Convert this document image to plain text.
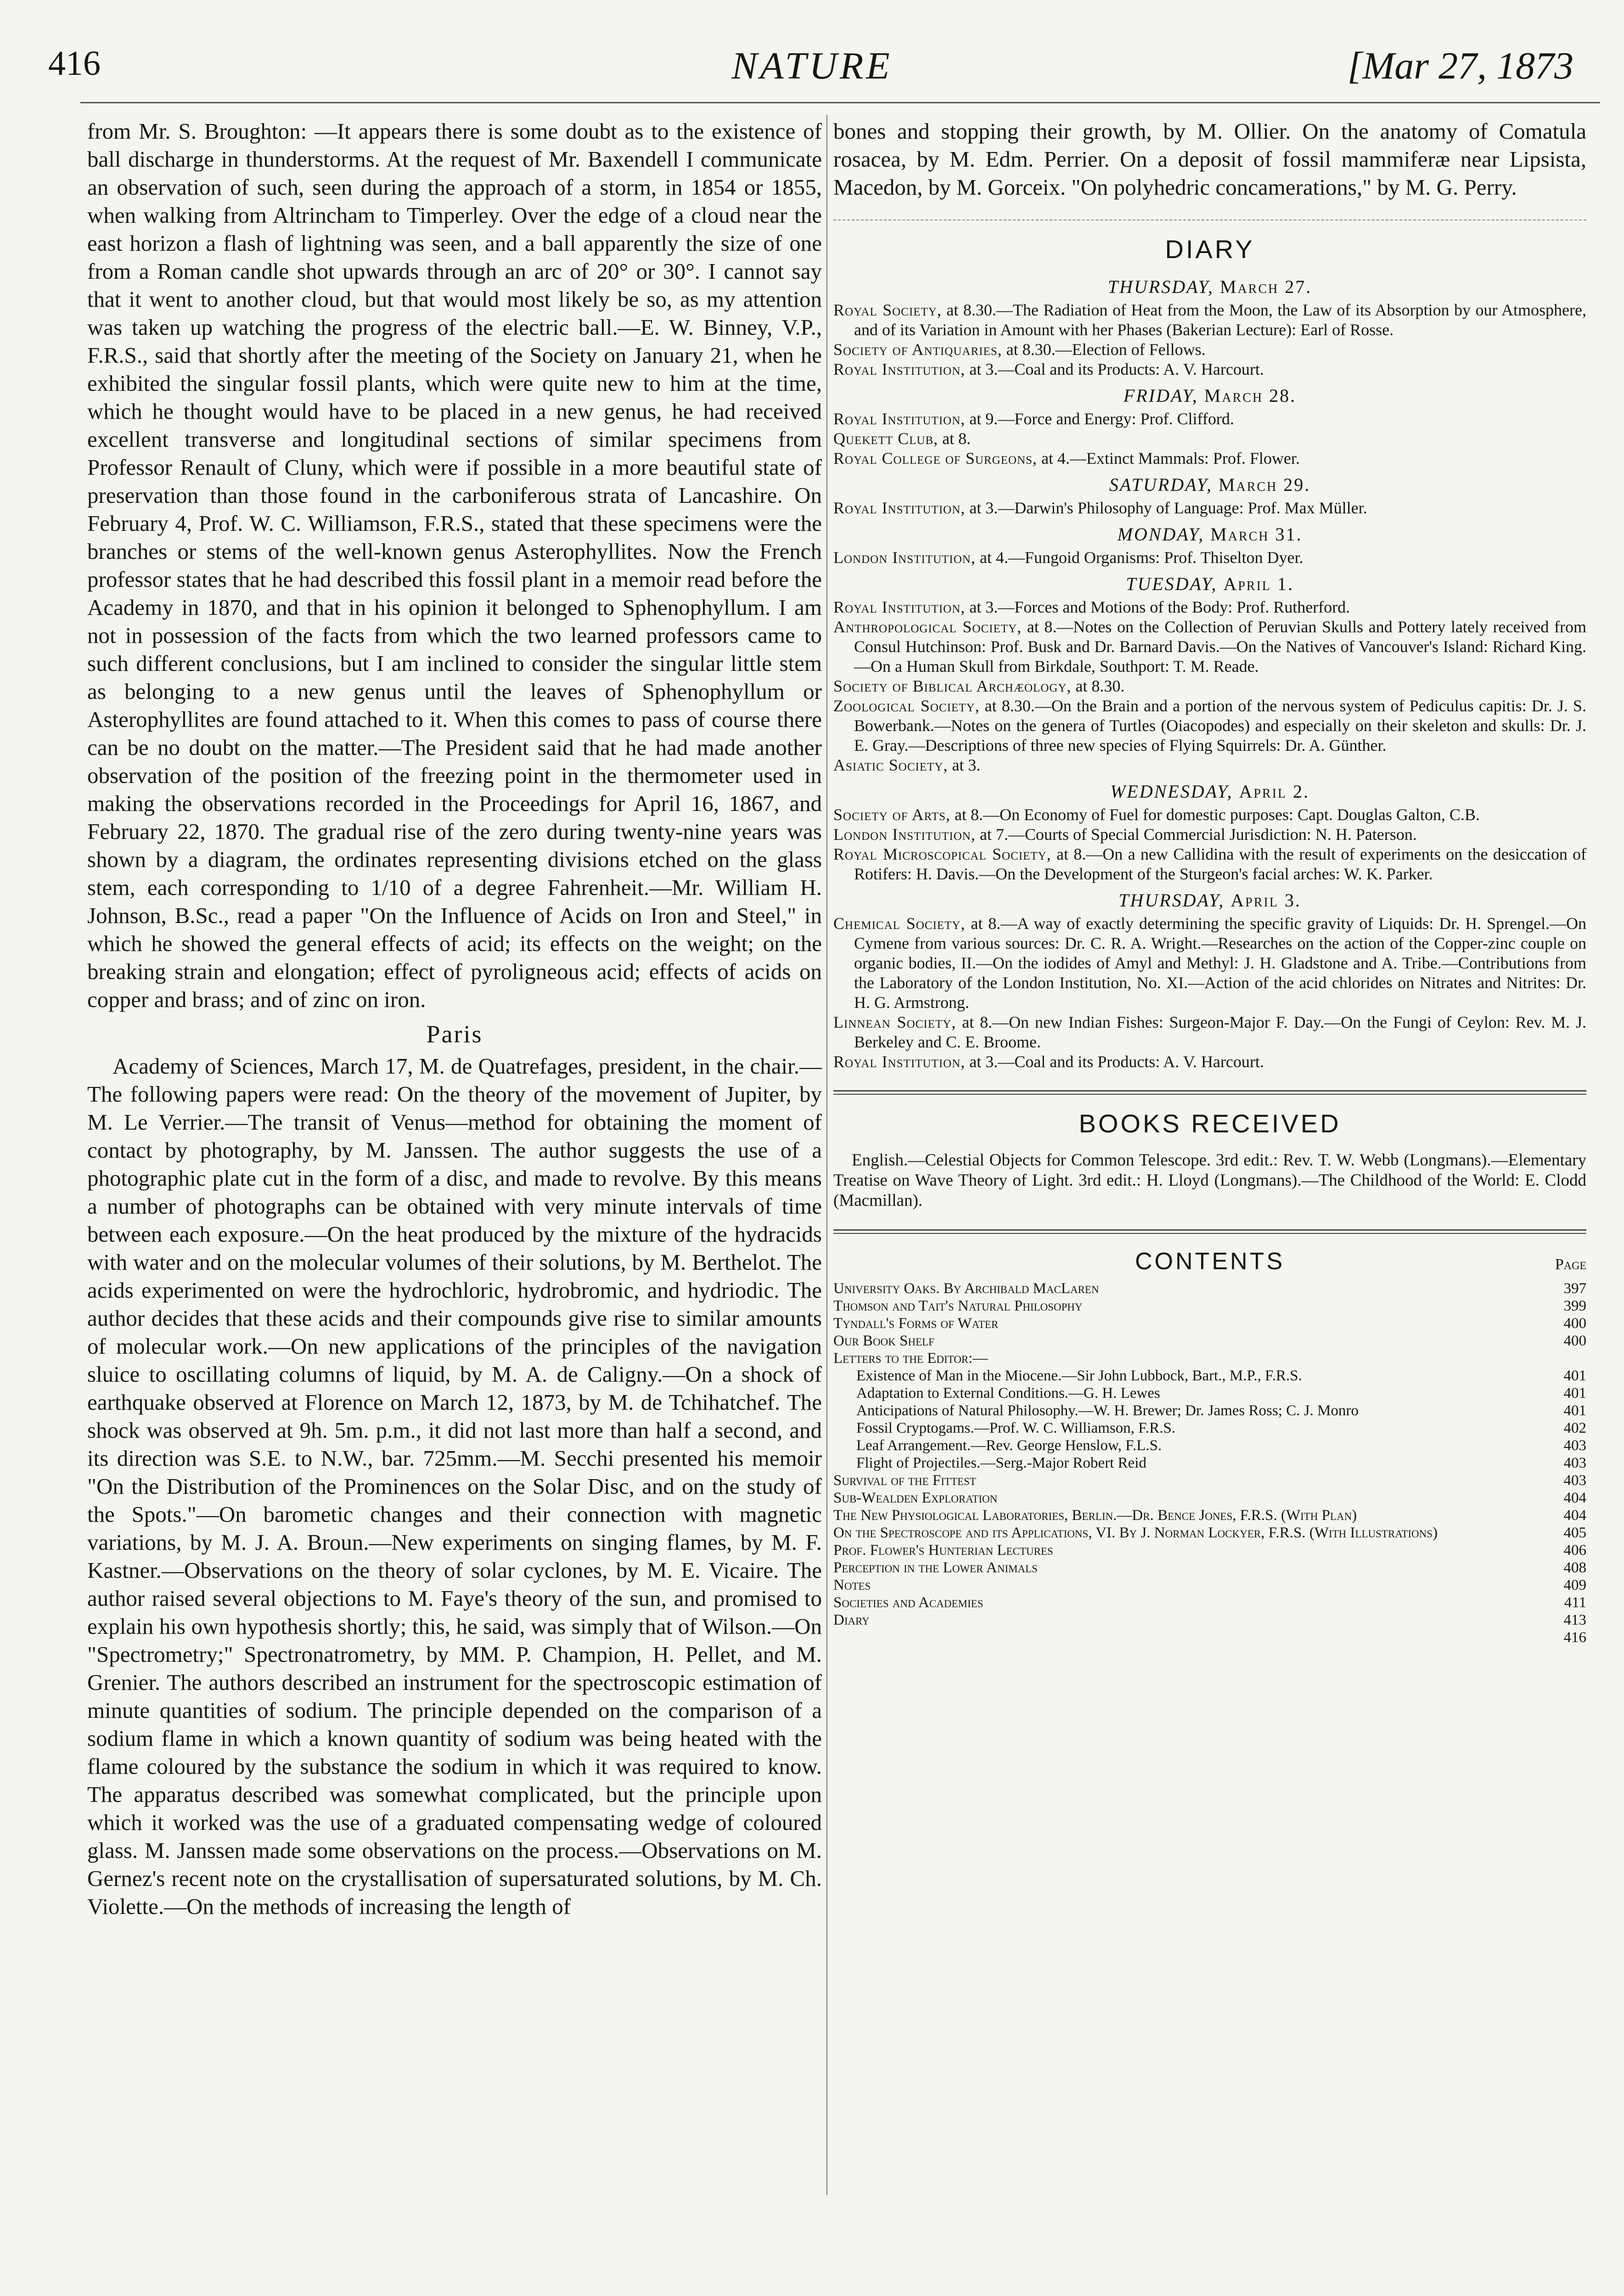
416	NATURE	[Mar 27, 1873

from Mr. S. Broughton: —It appears there is some doubt as to the existence of ball discharge in thunderstorms. At the request of Mr. Baxendell I communicate an observation of such, seen during the approach of a storm, in 1854 or 1855, when walking from Altrincham to Timperley. Over the edge of a cloud near the east horizon a flash of lightning was seen, and a ball apparently the size of one from a Roman candle shot upwards through an arc of 20° or 30°. I cannot say that it went to another cloud, but that would most likely be so, as my attention was taken up watching the progress of the electric ball.—E. W. Binney, V.P., F.R.S., said that shortly after the meeting of the Society on January 21, when he exhibited the singular fossil plants, which were quite new to him at the time, which he thought would have to be placed in a new genus, he had received excellent transverse and longitudinal sections of similar specimens from Professor Renault of Cluny, which were if possible in a more beautiful state of preservation than those found in the carboniferous strata of Lancashire. On February 4, Prof. W. C. Williamson, F.R.S., stated that these specimens were the branches or stems of the well-known genus Asterophyllites. Now the French professor states that he had described this fossil plant in a memoir read before the Academy in 1870, and that in his opinion it belonged to Sphenophyllum. I am not in possession of the facts from which the two learned professors came to such different conclusions, but I am inclined to consider the singular little stem as belonging to a new genus until the leaves of Sphenophyllum or Asterophyllites are found attached to it. When this comes to pass of course there can be no doubt on the matter.—The President said that he had made another observation of the position of the freezing point in the thermometer used in making the observations recorded in the Proceedings for April 16, 1867, and February 22, 1870. The gradual rise of the zero during twenty-nine years was shown by a diagram, the ordinates representing divisions etched on the glass stem, each corresponding to 1/10 of a degree Fahrenheit.—Mr. William H. Johnson, B.Sc., read a paper "On the Influence of Acids on Iron and Steel," in which he showed the general effects of acid; its effects on the weight; on the breaking strain and elongation; effect of pyroligneous acid; effects of acids on copper and brass; and of zinc on iron.

Paris

Academy of Sciences, March 17, M. de Quatrefages, president, in the chair.—The following papers were read: On the theory of the movement of Jupiter, by M. Le Verrier.—The transit of Venus—method for obtaining the moment of contact by photography, by M. Janssen. The author suggests the use of a photographic plate cut in the form of a disc, and made to revolve. By this means a number of photographs can be obtained with very minute intervals of time between each exposure.—On the heat produced by the mixture of the hydracids with water and on the molecular volumes of their solutions, by M. Berthelot. The acids experimented on were the hydrochloric, hydrobromic, and hydriodic. The author decides that these acids and their compounds give rise to similar amounts of molecular work.—On new applications of the principles of the navigation sluice to oscillating columns of liquid, by M. A. de Caligny.—On a shock of earthquake observed at Florence on March 12, 1873, by M. de Tchihatchef. The shock was observed at 9h. 5m. p.m., it did not last more than half a second, and its direction was S.E. to N.W., bar. 725mm.—M. Secchi presented his memoir "On the Distribution of the Prominences on the Solar Disc, and on the study of the Spots."—On barometic changes and their connection with magnetic variations, by M. J. A. Broun.—New experiments on singing flames, by M. F. Kastner.—Observations on the theory of solar cyclones, by M. E. Vicaire. The author raised several objections to M. Faye's theory of the sun, and promised to explain his own hypothesis shortly; this, he said, was simply that of Wilson.—On "Spectrometry;" Spectronatrometry, by MM. P. Champion, H. Pellet, and M. Grenier. The authors described an instrument for the spectroscopic estimation of minute quantities of sodium. The principle depended on the comparison of a sodium flame in which a known quantity of sodium was being heated with the flame coloured by the substance the sodium in which it was required to know. The apparatus described was somewhat complicated, but the principle upon which it worked was the use of a graduated compensating wedge of coloured glass. M. Janssen made some observations on the process.—Observations on M. Gernez's recent note on the crystallisation of supersaturated solutions, by M. Ch. Violette.—On the methods of increasing the length of

bones and stopping their growth, by M. Ollier. On the anatomy of Comatula rosacea, by M. Edm. Perrier. On a deposit of fossil mammiferæ near Lipsista, Macedon, by M. Gorceix. "On polyhedric concamerations," by M. G. Perry.

DIARY
THURSDAY, March 27.
Royal Society, at 8.30.—The Radiation of Heat from the Moon, the Law of its Absorption by our Atmosphere, and of its Variation in Amount with her Phases (Bakerian Lecture): Earl of Rosse.
Society of Antiquaries, at 8.30.—Election of Fellows.
Royal Institution, at 3.—Coal and its Products: A. V. Harcourt.
FRIDAY, March 28.
Royal Institution, at 9.—Force and Energy: Prof. Clifford.
Quekett Club, at 8.
Royal College of Surgeons, at 4.—Extinct Mammals: Prof. Flower.
SATURDAY, March 29.
Royal Institution, at 3.—Darwin's Philosophy of Language: Prof. Max Müller.
MONDAY, March 31.
London Institution, at 4.—Fungoid Organisms: Prof. Thiselton Dyer.
TUESDAY, April 1.
Royal Institution, at 3.—Forces and Motions of the Body: Prof. Rutherford.
Anthropological Society, at 8.—Notes on the Collection of Peruvian Skulls and Pottery lately received from Consul Hutchinson: Prof. Busk and Dr. Barnard Davis.—On the Natives of Vancouver's Island: Richard King.—On a Human Skull from Birkdale, Southport: T. M. Reade.
Society of Biblical Archæology, at 8.30.
Zoological Society, at 8.30.—On the Brain and a portion of the nervous system of Pediculus capitis: Dr. J. S. Bowerbank.—Notes on the genera of Turtles (Oiacopodes) and especially on their skeleton and skulls: Dr. J. E. Gray.—Descriptions of three new species of Flying Squirrels: Dr. A. Günther.
Asiatic Society, at 3.
WEDNESDAY, April 2.
Society of Arts, at 8.—On Economy of Fuel for domestic purposes: Capt. Douglas Galton, C.B.
London Institution, at 7.—Courts of Special Commercial Jurisdiction: N. H. Paterson.
Royal Microscopical Society, at 8.—On a new Callidina with the result of experiments on the desiccation of Rotifers: H. Davis.—On the Development of the Sturgeon's facial arches: W. K. Parker.
THURSDAY, April 3.
Chemical Society, at 8.—A way of exactly determining the specific gravity of Liquids: Dr. H. Sprengel.—On Cymene from various sources: Dr. C. R. A. Wright.—Researches on the action of the Copper-zinc couple on organic bodies, II.—On the iodides of Amyl and Methyl: J. H. Gladstone and A. Tribe.—Contributions from the Laboratory of the London Institution, No. XI.—Action of the acid chlorides on Nitrates and Nitrites: Dr. H. G. Armstrong.
Linnean Society, at 8.—On new Indian Fishes: Surgeon-Major F. Day.—On the Fungi of Ceylon: Rev. M. J. Berkeley and C. E. Broome.
Royal Institution, at 3.—Coal and its Products: A. V. Harcourt.
BOOKS RECEIVED

English.—Celestial Objects for Common Telescope. 3rd edit.: Rev. T. W. Webb (Longmans).—Elementary Treatise on Wave Theory of Light. 3rd edit.: H. Lloyd (Longmans).—The Childhood of the World: E. Clodd (Macmillan).

CONTENTS	Page
University Oaks. By Archibald MacLaren	397
Thomson and Tait's Natural Philosophy	399
Tyndall's Forms of Water	400
Our Book Shelf	400
Letters to the Editor:—
Existence of Man in the Miocene.—Sir John Lubbock, Bart., M.P., F.R.S.	401
Adaptation to External Conditions.—G. H. Lewes	401
Anticipations of Natural Philosophy.—W. H. Brewer; Dr. James Ross; C. J. Monro	401
Fossil Cryptogams.—Prof. W. C. Williamson, F.R.S.	402
Leaf Arrangement.—Rev. George Henslow, F.L.S.	403
Flight of Projectiles.—Serg.-Major Robert Reid	403
Survival of the Fittest	403
Sub-Wealden Exploration	404
The New Physiological Laboratories, Berlin.—Dr. Bence Jones, F.R.S. (With Plan)	404
On the Spectroscope and its Applications, VI. By J. Norman Lockyer, F.R.S. (With Illustrations)	405
Prof. Flower's Hunterian Lectures	406
Perception in the Lower Animals	408
Notes	409
Societies and Academies	411
Diary	413
416
